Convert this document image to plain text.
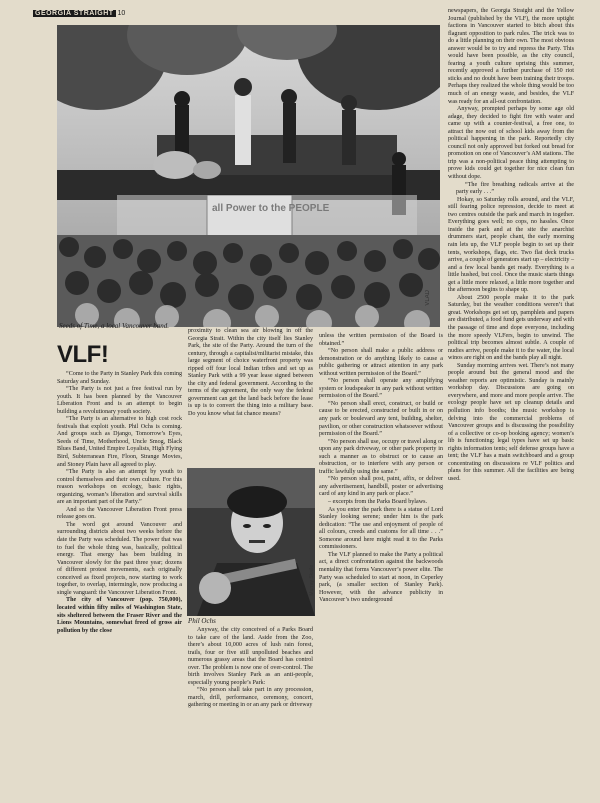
GEORGIA STRAIGHT 10
Seeds of Time, a local Vancouver band.
VLAD
VLF!

“Come to the Party in Stanley Park this coming Saturday and Sunday.

“The Party is not just a free festival run by youth. It has been planned by the Vancouver Liberation Front and is an attempt to begin building a revolutionary youth society.

“The Party is an alternative to high cost rock festivals that exploit youth. Phil Ochs is coming. And groups such as Django, Tomorrow’s Eyes, Seeds of Time, Motherhood, Uncle Smog, Black Blues Band, United Empire Loyalists, High Flying Bird, Subterranean Fire, Floon, Strange Movies, and Stoney Plain have all agreed to play.

“The Party is also an attempt by youth to control themselves and their own culture. For this reason workshops on ecology, basic rights, organizing, woman’s liberation and survival skills are an important part of the Party.”

And so the Vancouver Liberation Front press release goes on.

The word got around Vancouver and surrounding districts about two weeks before the date the Party was scheduled. The power that was to fuel the whole thing was, basically, political energy. That energy has been building in Vancouver slowly for the past three year; dozens of different protest movements, each originally conceived as fixed projects, now starting to work together, to overlap, intermingle, now producing a single vanguard: the Vancouver Liberation Front.

The city of Vancouver (pop. 750,000), located within fifty miles of Washington State, sits sheltered between the Fraser River and the Lions Mountains, somewhat freed of gross air pollution by the close

proximity to clean sea air blowing in off the Georgia Strait. Within the city itself lies Stanley Park, the site of the Party. Around the turn of the century, through a capitalist/militarist mistake, this large segment of choice waterfront property was ripped off four local Indian tribes and set up as Stanley Park with a 99 year lease signed between the city and federal government. According to the terms of the agreement, the only way the federal government can get the land back before the lease is up is to convert the thing into a military base. Do you know what fat chance means?

Murray Skaile
Phil Ochs

Anyway, the city conceived of a Parks Board to take care of the land. Aside from the Zoo, there’s about 10,000 acres of lush rain forest, trails, four or five still unpolluted beaches and numerous grassy areas that the Board has control over. The problem is now one of over-control. The birth involves Stanley Park as an anti-people, especially young people’s Park:

“No person shall take part in any procession, march, drill, performance, ceremony, concert, gathering or meeting in or an any park or driveway

unless the written permission of the Board is obtained.”

“No person shall make a public address or demonstration or do anything likely to cause a public gathering or attract attention in any park without written permission of the Board.”

“No person shall operate any amplifying system or loudspeaker in any park without written permission of the Board.”

“No person shall erect, construct, or build or cause to be erected, constructed or built in or on any park or boulevard any tent, building, shelter, pavilion, or other construction whatsoever without permission of the Board.”

“No person shall use, occupy or travel along or upon any park driveway, or other park property in such a manner as to obstruct or to cause an obstruction, or to interfere with any person or traffic lawfully using the same.”

“No person shall post, paint, affix, or deliver any advertisement, handbill, poster or advertising card of any kind in any park or place.”

– excerpts from the Parks Board bylaws.

As you enter the park there is a statue of Lord Stanley looking serene; under him is the park dedication: “The use and enjoyment of people of all colours, creeds and customs for all time . . .” Someone around here might read it to the Parks commissioners.

The VLF planned to make the Party a political act, a direct confrontation against the backwoods mentality that forms Vancouver’s power elite. The Party was scheduled to start at noon, in Ceperley park, (a smaller section of Stanley Park). However, with the advance publicity in Vancouver’s two underground

newspapers, the Georgia Straight and the Yellow Journal (published by the VLF), the more uptight factions in Vancouver started to bitch about this flagrant opposition to park rules. The trick was to do a little planning on their own. The most obvious answer would be to try and repress the Party. This would have been possible, as the city council, fearing a youth culture uprising this summer, recently approved a further purchase of 150 riot sticks and no doubt have been training their troops. Perhaps they realized the whole thing would be too much of an energy waste, and besides, the VLF was ready for an all-out confrontation.

Anyway, prompted perhaps by some age old adage, they decided to fight fire with water and came up with a counter-festival, a free one, to attract the now out of school kids away from the political happening in the park. Reportedly city council not only approved but forked out bread for promotion on one of Vancouver’s AM stations. The trip was a non-political peace thing attempting to prove kids could get together for nice clean fun without dope.

“The fire breathing radicals arrive at the party early . . .”

Hokay, so Saturday rolls around, and the VLF, still fearing police repression, decide to meet at two centres outside the park and march in together. Everything goes well; no cops, no hassles. Once inside the park and at the site the anarchist drummers start, people chant, the early morning rain lets up, the VLF people begin to set up their tents, workshops, flags, etc. Two flat deck trucks arrive, a couple of generators start up – electricity – and a few local bands get ready. Everything is a little hushed, but cool. Once the music starts things get a little more relaxed, a little more together and the afternoon begins to shape up.

About 2500 people make it to the park Saturday, but the weather conditions weren’t that great. Workshops get set up, pamphlets and papers are distributed, a food fund gets underway and with the passage of time and dope everyone, including the more speedy VLFers, begin to unwind. The political trip becomes almost subtle. A couple of nudies arrive, people make it to the water, the local winos are right on and the bands play all night.

Sunday morning arrives wet. There’s not many people around but the general mood and the weather reports are optimistic. Sunday is mainly workshop day. Discussions are going on everywhere, and more and more people arrive. The ecology people have set up cleanup details and pollution info booths; the music workshop is delving into the commercial problems of Vancouver groups and is discussing the possibility of a collective or co-op booking agency; women’s lib is functioning; legal types have set up basic rights information tents; self defense groups have a tent; the VLF has a main switchboard and a group concentrating on discussions re VLF politics and plans for this summer. All the facilities are being used.
